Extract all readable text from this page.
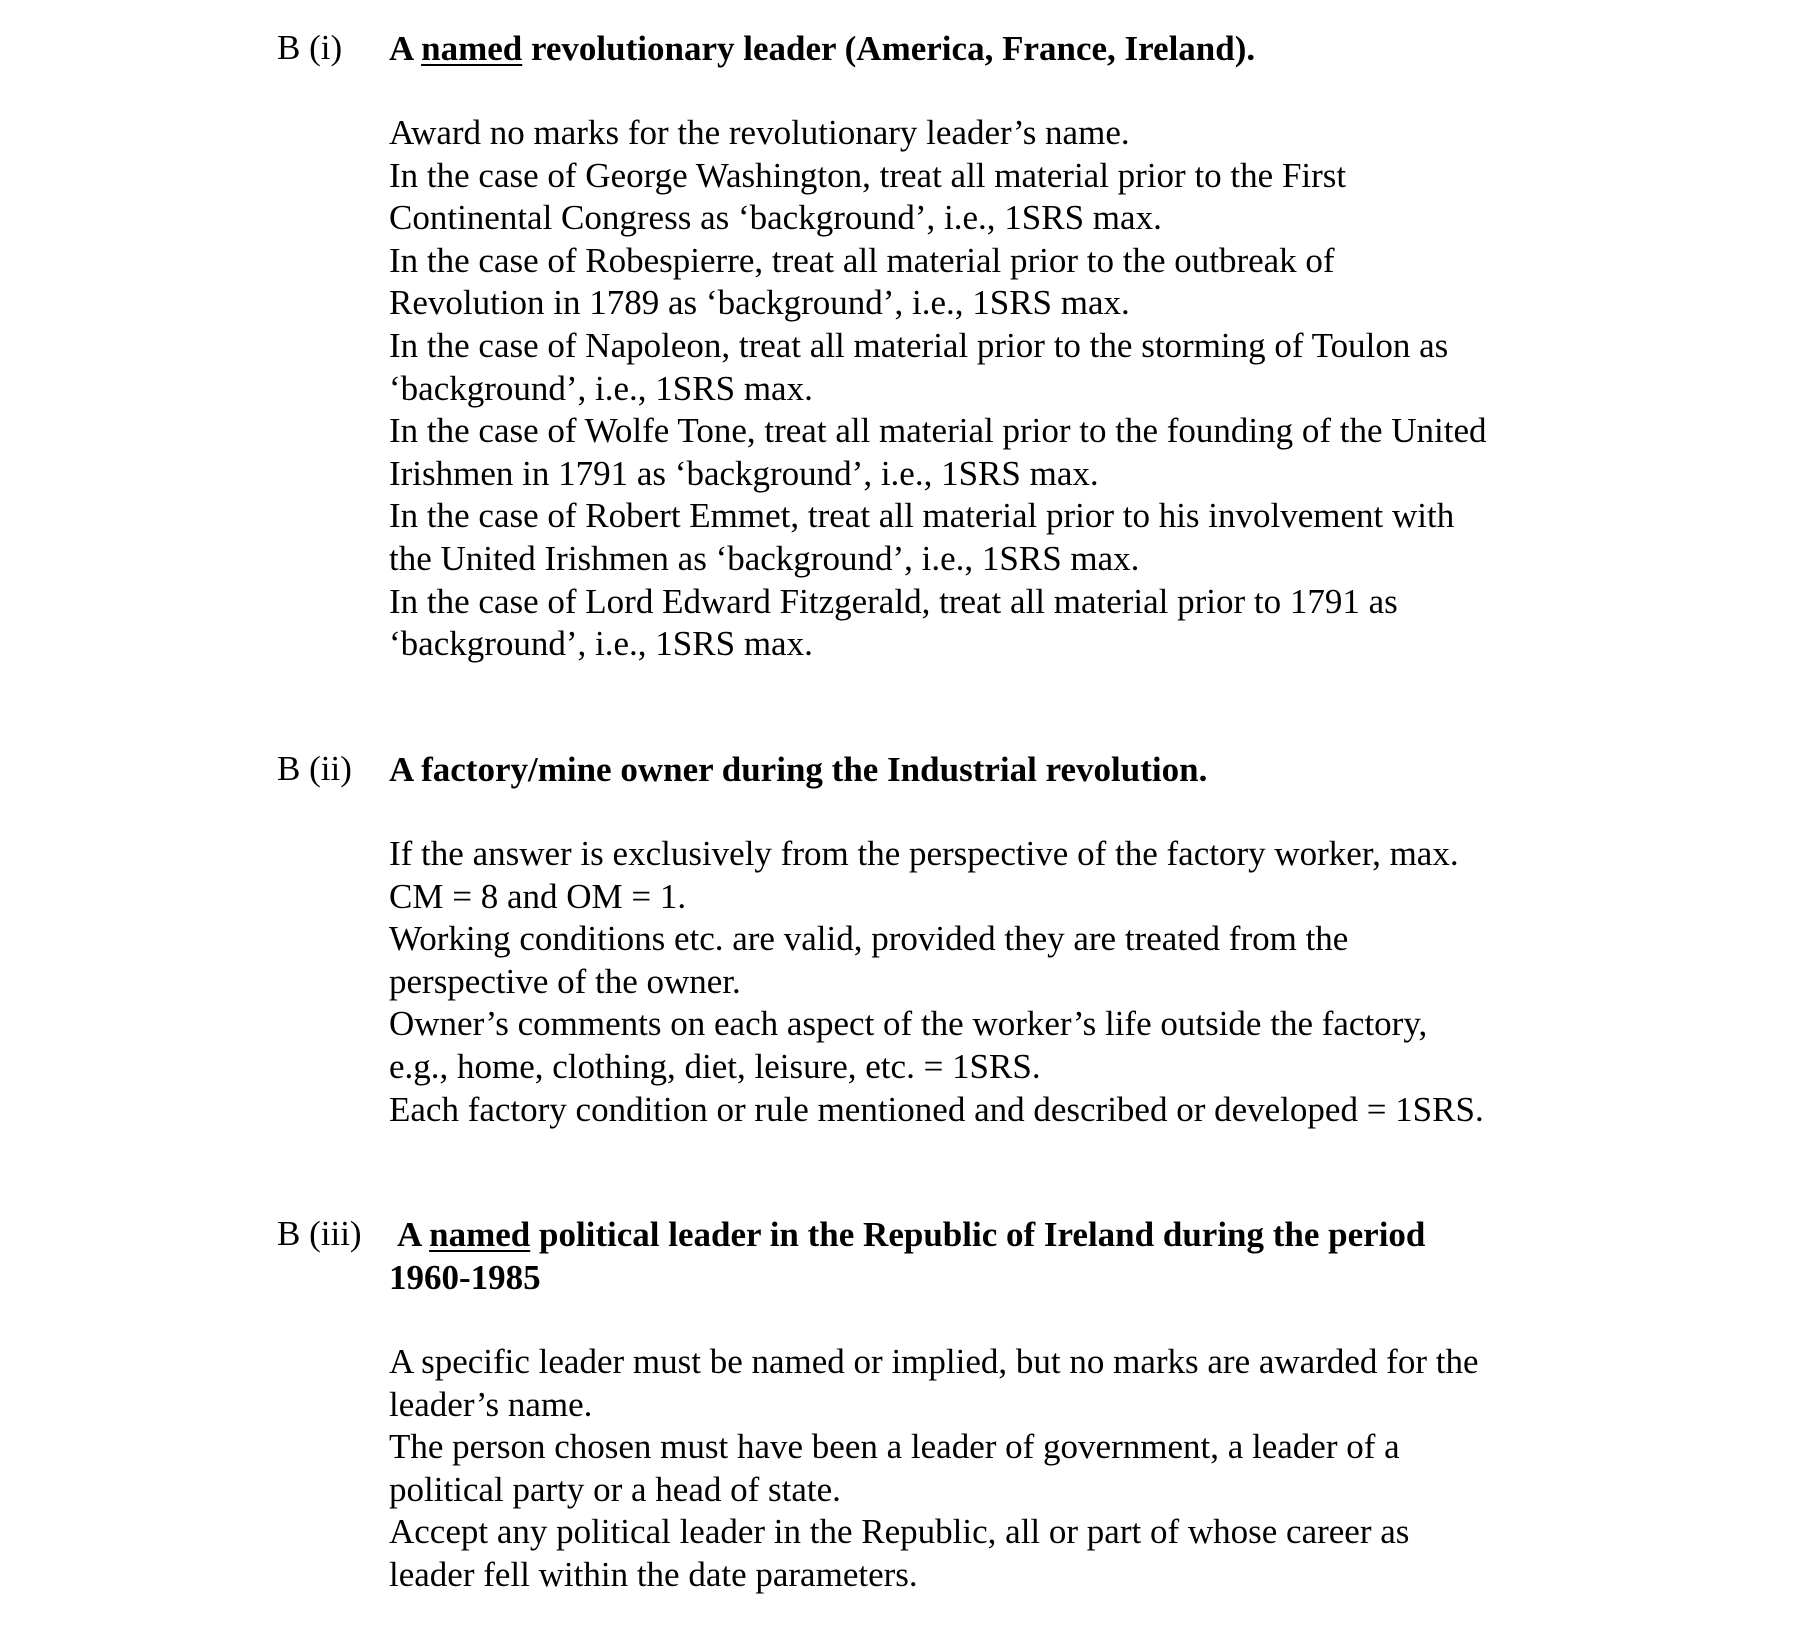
B (i) A named revolutionary leader (America, France, Ireland).
Award no marks for the revolutionary leader’s name.
In the case of George Washington, treat all material prior to the First
Continental Congress as ‘background’, i.e., 1SRS max.
In the case of Robespierre, treat all material prior to the outbreak of
Revolution in 1789 as ‘background’, i.e., 1SRS max.
In the case of Napoleon, treat all material prior to the storming of Toulon as
‘background’, i.e., 1SRS max.
In the case of Wolfe Tone, treat all material prior to the founding of the United
Irishmen in 1791 as ‘background’, i.e., 1SRS max.
In the case of Robert Emmet, treat all material prior to his involvement with
the United Irishmen as ‘background’, i.e., 1SRS max.
In the case of Lord Edward Fitzgerald, treat all material prior to 1791 as
‘background’, i.e., 1SRS max.
B (ii) A factory/mine owner during the Industrial revolution.
If the answer is exclusively from the perspective of the factory worker, max.
CM = 8 and OM = 1.
Working conditions etc. are valid, provided they are treated from the
perspective of the owner.
Owner’s comments on each aspect of the worker’s life outside the factory,
e.g., home, clothing, diet, leisure, etc. = 1SRS.
Each factory condition or rule mentioned and described or developed = 1SRS.
B (iii) A named political leader in the Republic of Ireland during the period
1960-1985
A specific leader must be named or implied, but no marks are awarded for the
leader’s name.
The person chosen must have been a leader of government, a leader of a
political party or a head of state.
Accept any political leader in the Republic, all or part of whose career as
leader fell within the date parameters.
